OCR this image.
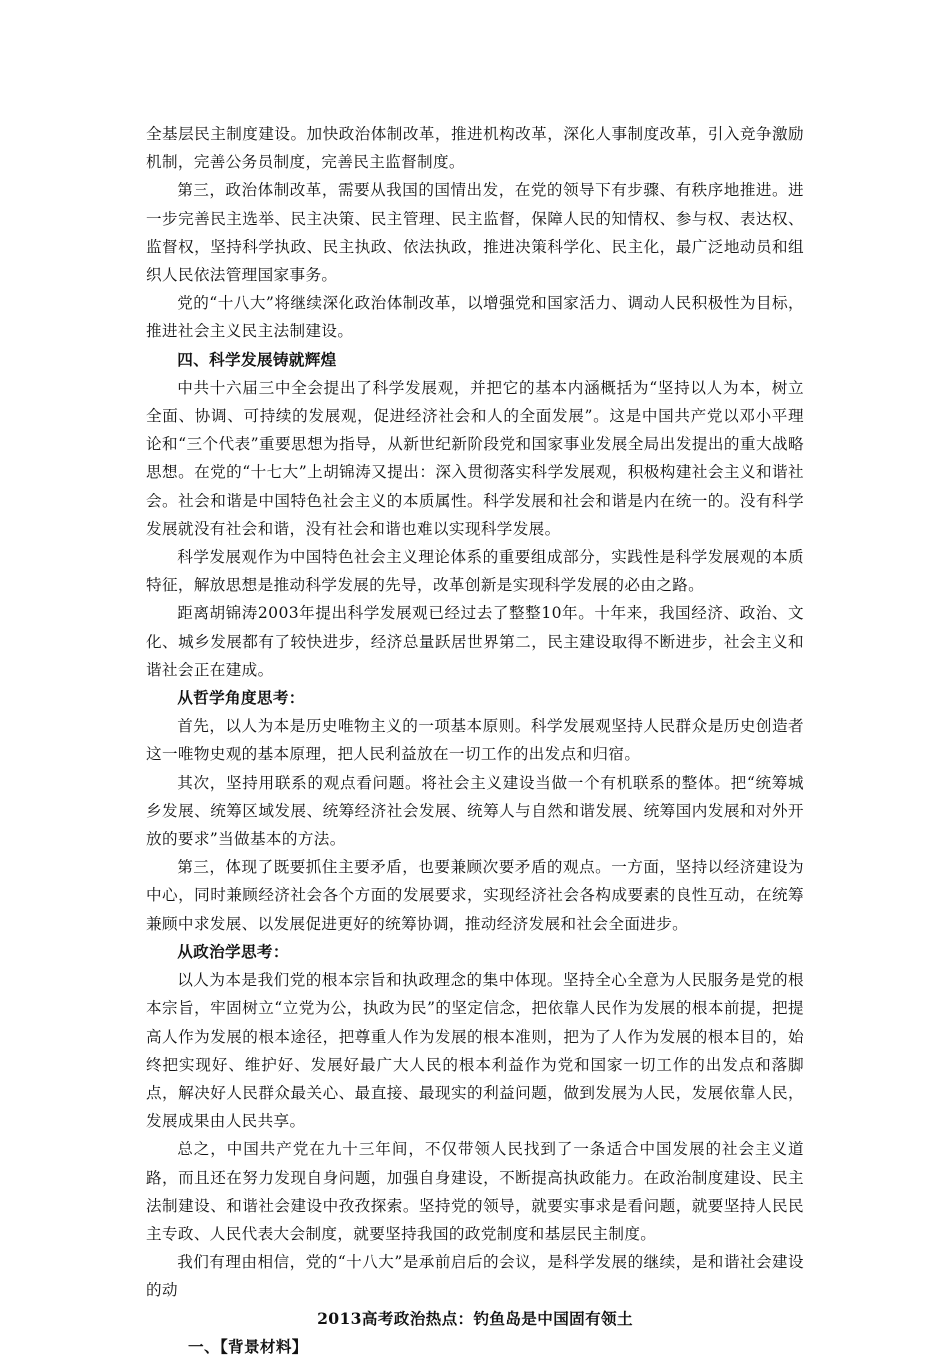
全基层民主制度建设。加快政治体制改革，推进机构改革，深化人事制度改革，引入竞争激励机制，完善公务员制度，完善民主监督制度。

第三，政治体制改革，需要从我国的国情出发，在党的领导下有步骤、有秩序地推进。进一步完善民主选举、民主决策、民主管理、民主监督，保障人民的知情权、参与权、表达权、监督权，坚持科学执政、民主执政、依法执政，推进决策科学化、民主化，最广泛地动员和组织人民依法管理国家事务。

党的“十八大”将继续深化政治体制改革，以增强党和国家活力、调动人民积极性为目标，推进社会主义民主法制建设。

四、科学发展铸就辉煌

中共十六届三中全会提出了科学发展观，并把它的基本内涵概括为“坚持以人为本，树立全面、协调、可持续的发展观，促进经济社会和人的全面发展”。这是中国共产党以邓小平理论和“三个代表”重要思想为指导，从新世纪新阶段党和国家事业发展全局出发提出的重大战略思想。在党的“十七大”上胡锦涛又提出：深入贯彻落实科学发展观，积极构建社会主义和谐社会。社会和谐是中国特色社会主义的本质属性。科学发展和社会和谐是内在统一的。没有科学发展就没有社会和谐，没有社会和谐也难以实现科学发展。

科学发展观作为中国特色社会主义理论体系的重要组成部分，实践性是科学发展观的本质特征，解放思想是推动科学发展的先导，改革创新是实现科学发展的必由之路。

距离胡锦涛2003年提出科学发展观已经过去了整整10年。十年来，我国经济、政治、文化、城乡发展都有了较快进步，经济总量跃居世界第二，民主建设取得不断进步，社会主义和谐社会正在建成。

从哲学角度思考：

首先，以人为本是历史唯物主义的一项基本原则。科学发展观坚持人民群众是历史创造者这一唯物史观的基本原理，把人民利益放在一切工作的出发点和归宿。

其次，坚持用联系的观点看问题。将社会主义建设当做一个有机联系的整体。把“统筹城乡发展、统筹区域发展、统筹经济社会发展、统筹人与自然和谐发展、统筹国内发展和对外开放的要求”当做基本的方法。

第三，体现了既要抓住主要矛盾，也要兼顾次要矛盾的观点。一方面，坚持以经济建设为中心，同时兼顾经济社会各个方面的发展要求，实现经济社会各构成要素的良性互动，在统筹兼顾中求发展、以发展促进更好的统筹协调，推动经济发展和社会全面进步。

从政治学思考：

以人为本是我们党的根本宗旨和执政理念的集中体现。坚持全心全意为人民服务是党的根本宗旨，牢固树立“立党为公，执政为民”的坚定信念，把依靠人民作为发展的根本前提，把提高人作为发展的根本途径，把尊重人作为发展的根本准则，把为了人作为发展的根本目的，始终把实现好、维护好、发展好最广大人民的根本利益作为党和国家一切工作的出发点和落脚点，解决好人民群众最关心、最直接、最现实的利益问题，做到发展为人民，发展依靠人民，发展成果由人民共享。

总之，中国共产党在九十三年间，不仅带领人民找到了一条适合中国发展的社会主义道路，而且还在努力发现自身问题，加强自身建设，不断提高执政能力。在政治制度建设、民主法制建设、和谐社会建设中孜孜探索。坚持党的领导，就要实事求是看问题，就要坚持人民民主专政、人民代表大会制度，就要坚持我国的政党制度和基层民主制度。

我们有理由相信，党的“十八大”是承前启后的会议，是科学发展的继续，是和谐社会建设的动

2013高考政治热点：钓鱼岛是中国固有领土

一、【背景材料】
